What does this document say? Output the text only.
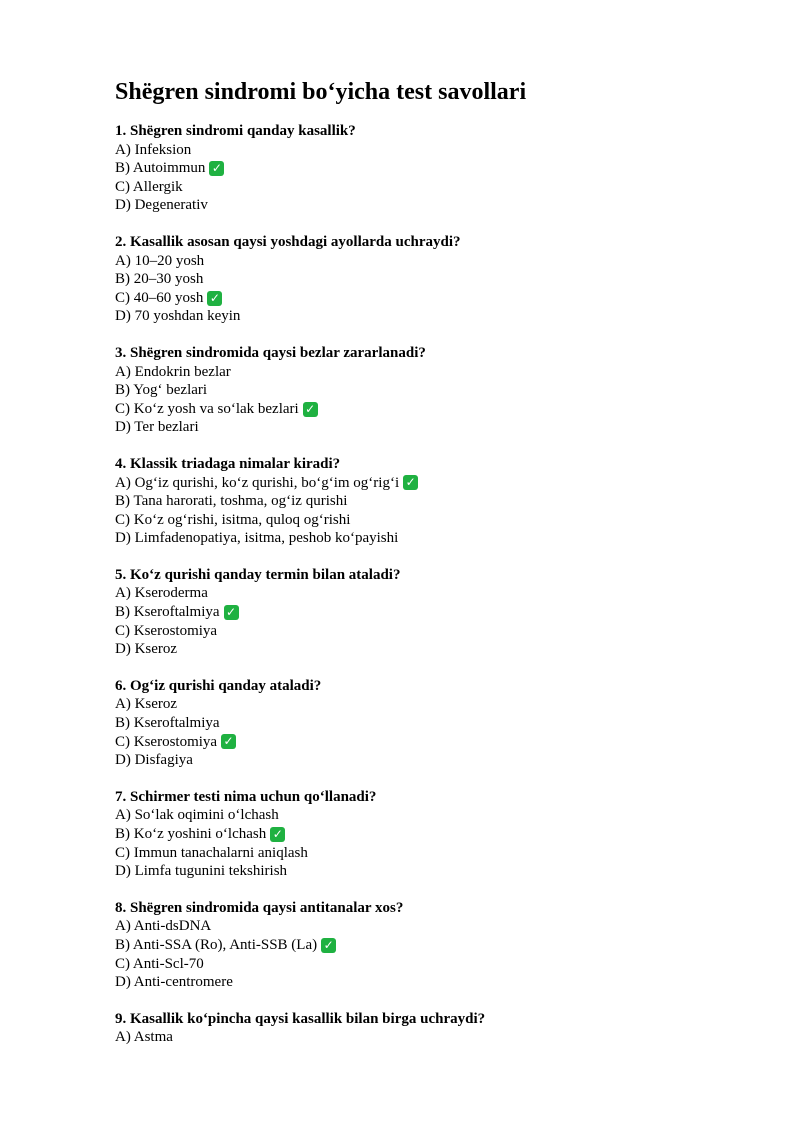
Shëgren sindromi bo‘yicha test savollari
1. Shëgren sindromi qanday kasallik?
A) Infeksion
B) Autoimmun ✓
C) Allergik
D) Degenerativ
2. Kasallik asosan qaysi yoshdagi ayollarda uchraydi?
A) 10–20 yosh
B) 20–30 yosh
C) 40–60 yosh ✓
D) 70 yoshdan keyin
3. Shëgren sindromida qaysi bezlar zararlanadi?
A) Endokrin bezlar
B) Yog‘ bezlari
C) Ko‘z yosh va so‘lak bezlari ✓
D) Ter bezlari
4. Klassik triadaga nimalar kiradi?
A) Og‘iz qurishi, ko‘z qurishi, bo‘g‘im og‘rig‘i ✓
B) Tana harorati, toshma, og‘iz qurishi
C) Ko‘z og‘rishi, isitma, quloq og‘rishi
D) Limfadenopatiya, isitma, peshob ko‘payishi
5. Ko‘z qurishi qanday termin bilan ataladi?
A) Kseroderma
B) Kseroftalmiya ✓
C) Kserostomiya
D) Kseroz
6. Og‘iz qurishi qanday ataladi?
A) Kseroz
B) Kseroftalmiya
C) Kserostomiya ✓
D) Disfagiya
7. Schirmer testi nima uchun qo‘llanadi?
A) So‘lak oqimini o‘lchash
B) Ko‘z yoshini o‘lchash ✓
C) Immun tanachalarni aniqlash
D) Limfa tugunini tekshirish
8. Shëgren sindromida qaysi antitanalar xos?
A) Anti-dsDNA
B) Anti-SSA (Ro), Anti-SSB (La) ✓
C) Anti-Scl-70
D) Anti-centromere
9. Kasallik ko‘pincha qaysi kasallik bilan birga uchraydi?
A) Astma
